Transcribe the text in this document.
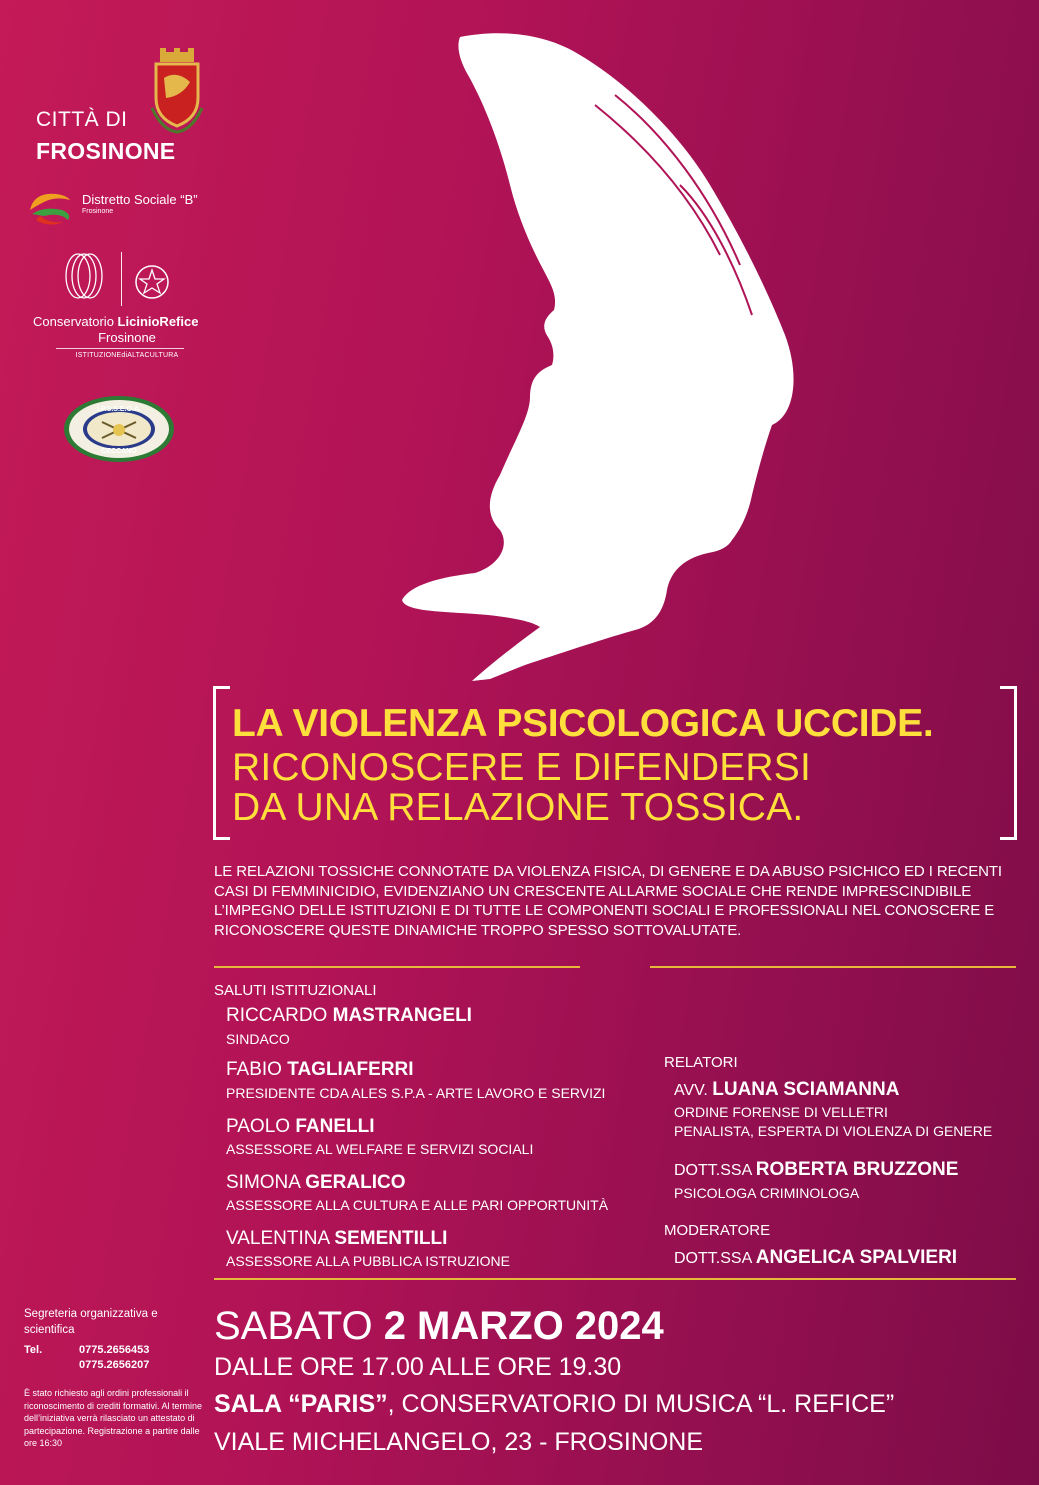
CITTÀ DI
FROSINONE
Distretto Sociale “B”
Frosinone
Conservatorio LicinioRefice
Frosinone
ISTITUZIONEdiALTACULTURA
I.P.S.S.E.O.A.
CECCANO
LA VIOLENZA PSICOLOGICA UCCIDE.
RICONOSCERE E DIFENDERSI
DA UNA RELAZIONE TOSSICA.
LE RELAZIONI TOSSICHE CONNOTATE DA VIOLENZA FISICA, DI GENERE E DA ABUSO PSICHICO ED I RECENTI CASI DI FEMMINICIDIO, EVIDENZIANO UN CRESCENTE ALLARME SOCIALE CHE RENDE IMPRESCINDIBILE L’IMPEGNO DELLE ISTITUZIONI E DI TUTTE LE COMPONENTI SOCIALI E PROFESSIONALI NEL CONOSCERE E RICONOSCERE QUESTE DINAMICHE TROPPO SPESSO SOTTOVALUTATE.
SALUTI ISTITUZIONALI
RICCARDO MASTRANGELI
SINDACO
FABIO TAGLIAFERRI
PRESIDENTE CDA ALES S.P.A - ARTE LAVORO E SERVIZI
PAOLO FANELLI
ASSESSORE AL WELFARE E SERVIZI SOCIALI
SIMONA GERALICO
ASSESSORE ALLA CULTURA E ALLE PARI OPPORTUNITÀ
VALENTINA SEMENTILLI
ASSESSORE ALLA PUBBLICA ISTRUZIONE
RELATORI
AVV. LUANA SCIAMANNA
ORDINE FORENSE DI VELLETRI
PENALISTA, ESPERTA DI VIOLENZA DI GENERE
DOTT.SSA ROBERTA BRUZZONE
PSICOLOGA CRIMINOLOGA
MODERATORE
DOTT.SSA ANGELICA SPALVIERI
Segreteria organizzativa e scientifica
Tel.	0775.2656453
0775.2656207
È stato richiesto agli ordini professionali il riconoscimento di crediti formativi. Al termine dell’iniziativa verrà rilasciato un attestato di partecipazione. Registrazione a partire dalle ore 16:30
SABATO 2 MARZO 2024
DALLE ORE 17.00 ALLE ORE 19.30
SALA “PARIS”, CONSERVATORIO DI MUSICA “L. REFICE”
VIALE MICHELANGELO, 23 - FROSINONE
